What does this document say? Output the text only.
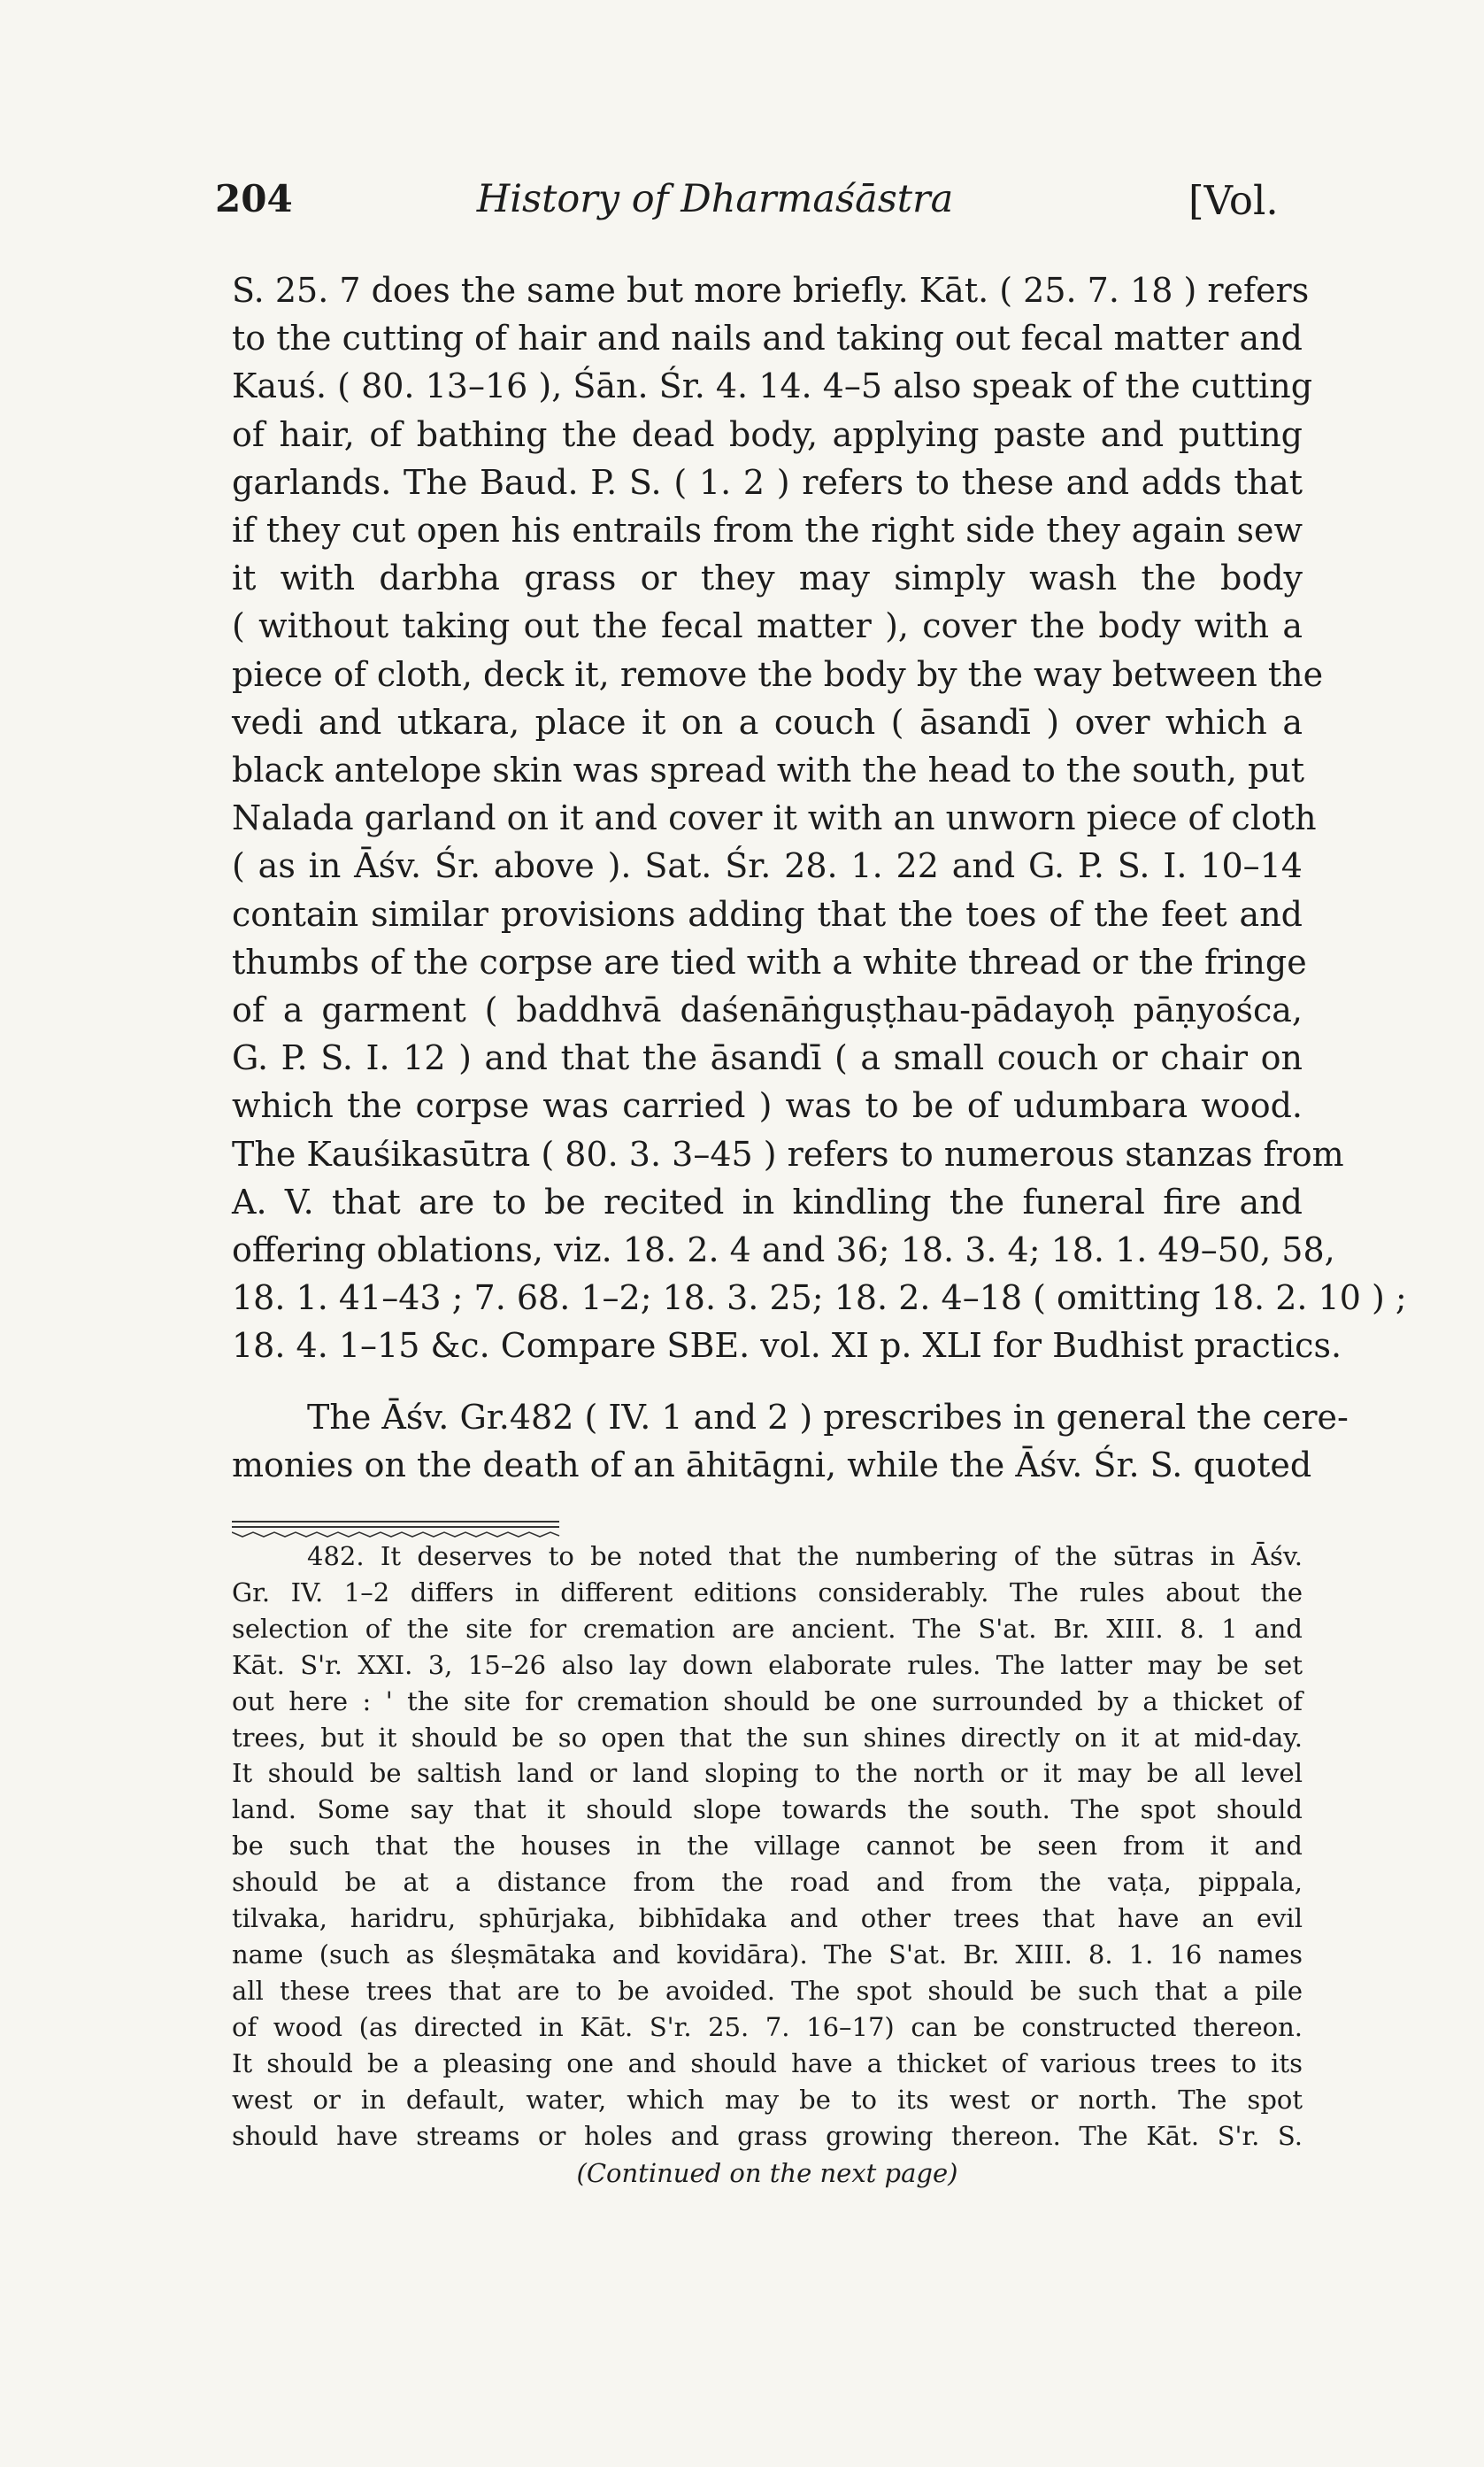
204	History of Dharmaśāstra	[Vol.
S. 25. 7 does the same but more briefly. Kāt. ( 25. 7. 18 ) refers
to the cutting of hair and nails and taking out fecal matter and
Kauś. ( 80. 13–16 ), Śān. Śr. 4. 14. 4–5 also speak of the cutting
of hair, of bathing the dead body, applying paste and putting
garlands. The Baud. P. S. ( 1. 2 ) refers to these and adds that
if they cut open his entrails from the right side they again sew
it with darbha grass or they may simply wash the body
( without taking out the fecal matter ), cover the body with a
piece of cloth, deck it, remove the body by the way between the
vedi and utkara, place it on a couch ( āsandī ) over which a
black antelope skin was spread with the head to the south, put
Nalada garland on it and cover it with an unworn piece of cloth
( as in Āśv. Śr. above ). Sat. Śr. 28. 1. 22 and G. P. S. I. 10–14
contain similar provisions adding that the toes of the feet and
thumbs of the corpse are tied with a white thread or the fringe
of a garment ( baddhvā daśenāṅguṣṭhau-pādayoḥ pāṇyośca,
G. P. S. I. 12 ) and that the āsandī ( a small couch or chair on
which the corpse was carried ) was to be of udumbara wood.
The Kauśikasūtra ( 80. 3. 3–45 ) refers to numerous stanzas from
A. V. that are to be recited in kindling the funeral fire and
offering oblations, viz. 18. 2. 4 and 36; 18. 3. 4; 18. 1. 49–50, 58,
18. 1. 41–43 ; 7. 68. 1–2; 18. 3. 25; 18. 2. 4–18 ( omitting 18. 2. 10 ) ;
18. 4. 1–15 &c. Compare SBE. vol. XI p. XLI for Budhist practics.
The Āśv. Gr.482 ( IV. 1 and 2 ) prescribes in general the cere-
monies on the death of an āhitāgni, while the Āśv. Śr. S. quoted
482. It deserves to be noted that the numbering of the sūtras in Āśv.
Gr. IV. 1–2 differs in different editions considerably. The rules about the
selection of the site for cremation are ancient. The S'at. Br. XIII. 8. 1 and
Kāt. S'r. XXI. 3, 15–26 also lay down elaborate rules. The latter may be set
out here : ' the site for cremation should be one surrounded by a thicket of
trees, but it should be so open that the sun shines directly on it at mid-day.
It should be saltish land or land sloping to the north or it may be all level
land. Some say that it should slope towards the south. The spot should
be such that the houses in the village cannot be seen from it and
should be at a distance from the road and from the vaṭa, pippala,
tilvaka, haridru, sphūrjaka, bibhīdaka and other trees that have an evil
name (such as śleṣmātaka and kovidāra). The S'at. Br. XIII. 8. 1. 16 names
all these trees that are to be avoided. The spot should be such that a pile
of wood (as directed in Kāt. S'r. 25. 7. 16–17) can be constructed thereon.
It should be a pleasing one and should have a thicket of various trees to its
west or in default, water, which may be to its west or north. The spot
should have streams or holes and grass growing thereon. The Kāt. S'r. S.
(Continued on the next page)
